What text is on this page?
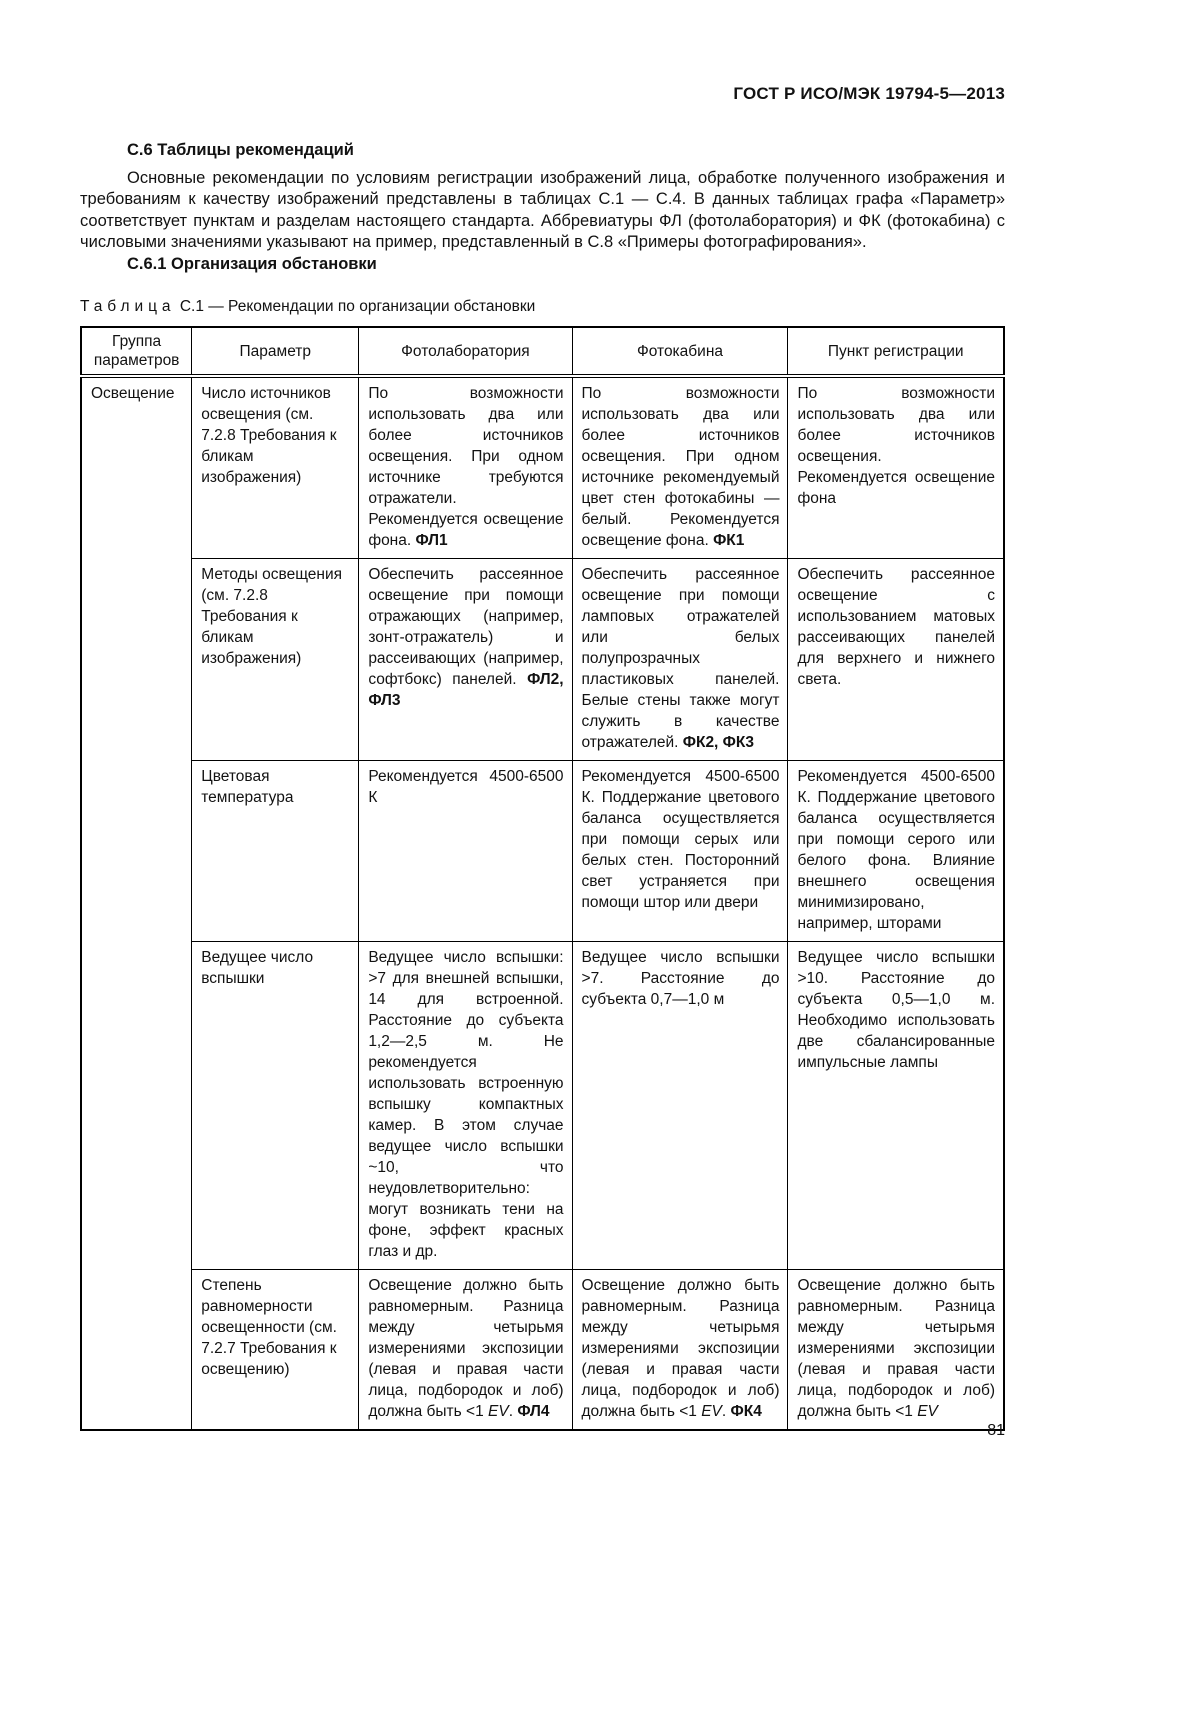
ГОСТ Р ИСО/МЭК 19794-5—2013
С.6 Таблицы рекомендаций

Основные рекомендации по условиям регистрации изображений лица, обработке полученного изображения и требованиям к качеству изображений представлены в таблицах С.1 — С.4. В данных таблицах графа «Параметр» соответствует пунктам и разделам настоящего стандарта. Аббревиатуры ФЛ (фотолаборатория) и ФК (фотокабина) с числовыми значениями указывают на пример, представленный в С.8 «Примеры фотографирования».

С.6.1 Организация обстановки

Таблица С.1 — Рекомендации по организации обстановки

Группа параметров	Параметр	Фотолаборатория	Фотокабина	Пункт регистрации
Освещение	Число источников освещения (см. 7.2.8 Требования к бликам изображения)	По возможности использовать два или более источников освещения. При одном источнике требуются отражатели. Рекомендуется освещение фона. ФЛ1	По возможности использовать два или более источников освещения. При одном источнике рекомендуемый цвет стен фотокабины — белый. Рекомендуется освещение фона. ФК1	По возможности использовать два или более источников освещения. Рекомендуется освещение фона
	Методы освещения (см. 7.2.8 Требования к бликам изображения)	Обеспечить рассеянное освещение при помощи отражающих (например, зонт-отражатель) и рассеивающих (например, софтбокс) панелей. ФЛ2, ФЛ3	Обеспечить рассеянное освещение при помощи ламповых отражателей или белых полупрозрачных пластиковых панелей. Белые стены также могут служить в качестве отражателей. ФК2, ФК3	Обеспечить рассеянное освещение с использованием матовых рассеивающих панелей для верхнего и нижнего света.
	Цветовая температура	Рекомендуется 4500-6500 К	Рекомендуется 4500-6500 К. Поддержание цветового баланса осуществляется при помощи серых или белых стен. Посторонний свет устраняется при помощи штор или двери	Рекомендуется 4500-6500 К. Поддержание цветового баланса осуществляется при помощи серого или белого фона. Влияние внешнего освещения минимизировано, например, шторами
	Ведущее число вспышки	Ведущее число вспышки: >7 для внешней вспышки, 14 для встроенной. Расстояние до субъекта 1,2—2,5 м. Не рекомендуется использовать встроенную вспышку компактных камер. В этом случае ведущее число вспышки ~10, что неудовлетворительно: могут возникать тени на фоне, эффект красных глаз и др.	Ведущее число вспышки >7. Расстояние до субъекта 0,7—1,0 м	Ведущее число вспышки >10. Расстояние до субъекта 0,5—1,0 м. Необходимо использовать две сбалансированные импульсные лампы
	Степень равномерности освещенности (см. 7.2.7 Требования к освещению)	Освещение должно быть равномерным. Разница между четырьмя измерениями экспозиции (левая и правая части лица, подбородок и лоб) должна быть <1 EV. ФЛ4	Освещение должно быть равномерным. Разница между четырьмя измерениями экспозиции (левая и правая части лица, подбородок и лоб) должна быть <1 EV. ФК4	Освещение должно быть равномерным. Разница между четырьмя измерениями экспозиции (левая и правая части лица, подбородок и лоб) должна быть <1 EV
81
